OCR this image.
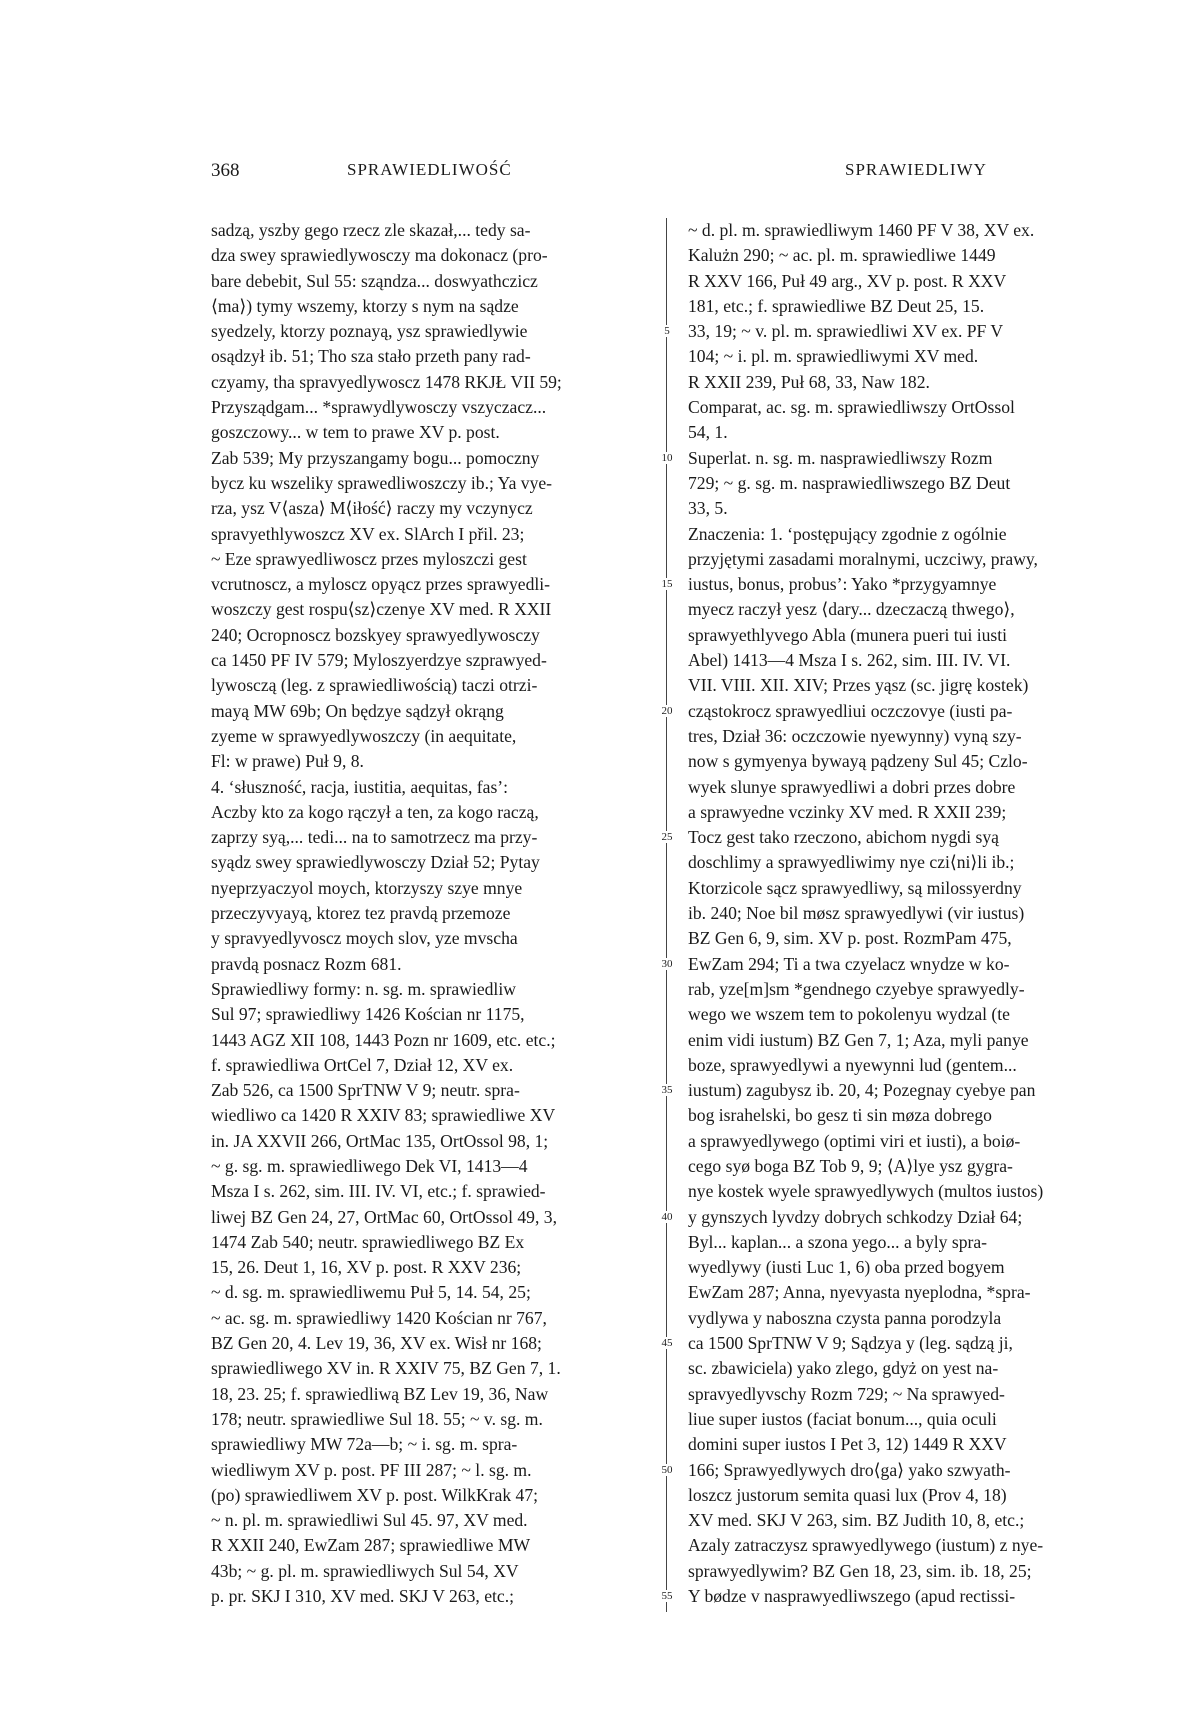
368	SPRAWIEDLIWOŚĆ	SPRAWIEDLIWY
sadzą, yszby gego rzecz zle skazał,... tedy sa-
dza swey sprawiedlywosczy ma dokonacz (pro-
bare debebit, Sul 55: sząndza... doswyathczicz
⟨ma⟩) tymy wszemy, ktorzy s nym na sądze
syedzely, ktorzy poznayą, ysz sprawiedlywie
osądzył ib. 51; Tho sza stało przeth pany rad-
czyamy, tha spravyedlywoscz 1478 RKJŁ VII 59;
Przysządgam... *sprawydlywosczy vszyczacz...
goszczowy... w tem to prawe XV p. post.
Zab 539; My przyszangamy bogu... pomoczny
bycz ku wszeliky sprawedliwoszczy ib.; Ya vye-
rza, ysz V⟨asza⟩ M⟨iłość⟩ raczy my vczynycz
spravyethlywoszcz XV ex. SlArch I přil. 23;
~ Eze sprawyedliwoscz przes myloszczi gest
vcrutnoscz, a myloscz opyącz przes sprawyedli-
woszczy gest rospu⟨sz⟩czenye XV med. R XXII
240; Ocropnoscz bozskyey sprawyedlywosczy
ca 1450 PF IV 579; Myloszyerdzye szprawyed-
lywosczą (leg. z sprawiedliwością) taczi otrzi-
mayą MW 69b; On będzye sądzył okrąng
zyeme w sprawyedlywoszczy (in aequitate,
Fl: w prawe) Puł 9, 8.
4. ‘słuszność, racja, iustitia, aequitas, fas’:
Aczby kto za kogo rączył a ten, za kogo raczą,
zaprzy syą,... tedi... na to samotrzecz ma przy-
syądz swey sprawiedlywosczy Dział 52; Pytay
nyeprzyaczyol moych, ktorzyszy szye mnye
przeczyvyayą, ktorez tez pravdą przemoze
y spravyedlyvoscz moych slov, yze mvscha
pravdą posnacz Rozm 681.
Sprawiedliwy formy: n. sg. m. sprawiedliw
Sul 97; sprawiedliwy 1426 Kościan nr 1175,
1443 AGZ XII 108, 1443 Pozn nr 1609, etc. etc.;
f. sprawiedliwa OrtCel 7, Dział 12, XV ex.
Zab 526, ca 1500 SprTNW V 9; neutr. spra-
wiedliwo ca 1420 R XXIV 83; sprawiedliwe XV
in. JA XXVII 266, OrtMac 135, OrtOssol 98, 1;
~ g. sg. m. sprawiedliwego Dek VI, 1413—4
Msza I s. 262, sim. III. IV. VI, etc.; f. sprawied-
liwej BZ Gen 24, 27, OrtMac 60, OrtOssol 49, 3,
1474 Zab 540; neutr. sprawiedliwego BZ Ex
15, 26. Deut 1, 16, XV p. post. R XXV 236;
~ d. sg. m. sprawiedliwemu Puł 5, 14. 54, 25;
~ ac. sg. m. sprawiedliwy 1420 Kościan nr 767,
BZ Gen 20, 4. Lev 19, 36, XV ex. Wisł nr 168;
sprawiedliwego XV in. R XXIV 75, BZ Gen 7, 1.
18, 23. 25; f. sprawiedliwą BZ Lev 19, 36, Naw
178; neutr. sprawiedliwe Sul 18. 55; ~ v. sg. m.
sprawiedliwy MW 72a—b; ~ i. sg. m. spra-
wiedliwym XV p. post. PF III 287; ~ l. sg. m.
(po) sprawiedliwem XV p. post. WilkKrak 47;
~ n. pl. m. sprawiedliwi Sul 45. 97, XV med.
R XXII 240, EwZam 287; sprawiedliwe MW
43b; ~ g. pl. m. sprawiedliwych Sul 54, XV
p. pr. SKJ I 310, XV med. SKJ V 263, etc.;
5
10
15
20
25
30
35
40
45
50
55
~ d. pl. m. sprawiedliwym 1460 PF V 38, XV ex.
Kalużn 290; ~ ac. pl. m. sprawiedliwe 1449
R XXV 166, Puł 49 arg., XV p. post. R XXV
181, etc.; f. sprawiedliwe BZ Deut 25, 15.
33, 19; ~ v. pl. m. sprawiedliwi XV ex. PF V
104; ~ i. pl. m. sprawiedliwymi XV med.
R XXII 239, Puł 68, 33, Naw 182.
Comparat, ac. sg. m. sprawiedliwszy OrtOssol
54, 1.
Superlat. n. sg. m. nasprawiedliwszy Rozm
729; ~ g. sg. m. nasprawiedliwszego BZ Deut
33, 5.
Znaczenia: 1. ‘postępujący zgodnie z ogólnie
przyjętymi zasadami moralnymi, uczciwy, prawy,
iustus, bonus, probus’: Yako *przygyamnye
myecz raczył yesz ⟨dary... dzeczaczą thwego⟩,
sprawyethlyvego Abla (munera pueri tui iusti
Abel) 1413—4 Msza I s. 262, sim. III. IV. VI.
VII. VIII. XII. XIV; Przes yąsz (sc. jigrę kostek)
cząstokrocz sprawyedliui oczczovye (iusti pa-
tres, Dział 36: oczczowie nyewynny) vyną szy-
now s gymyenya bywayą pądzeny Sul 45; Czlo-
wyek slunye sprawyedliwi a dobri przes dobre
a sprawyedne vczinky XV med. R XXII 239;
Tocz gest tako rzeczono, abichom nygdi syą
doschlimy a sprawyedliwimy nye czi⟨ni⟩li ib.;
Ktorzicole sącz sprawyedliwy, są milossyerdny
ib. 240; Noe bil møsz sprawyedlywi (vir iustus)
BZ Gen 6, 9, sim. XV p. post. RozmPam 475,
EwZam 294; Ti a twa czyelacz wnydze w ko-
rab, yze[m]sm *gendnego czyebye sprawyedly-
wego we wszem tem to pokolenyu wydzal (te
enim vidi iustum) BZ Gen 7, 1; Aza, myli panye
boze, sprawyedlywi a nyewynni lud (gentem...
iustum) zagubysz ib. 20, 4; Pozegnay cyebye pan
bog israhelski, bo gesz ti sin møza dobrego
a sprawyedlywego (optimi viri et iusti), a boiø-
cego syø boga BZ Tob 9, 9; ⟨A⟩lye ysz gygra-
nye kostek wyele sprawyedlywych (multos iustos)
y gynszych lyvdzy dobrych schkodzy Dział 64;
Byl... kaplan... a szona yego... a byly spra-
wyedlywy (iusti Luc 1, 6) oba przed bogyem
EwZam 287; Anna, nyevyasta nyeplodna, *spra-
vydlywa y naboszna czysta panna porodzyla
ca 1500 SprTNW V 9; Sądzya y (leg. sądzą ji,
sc. zbawiciela) yako zlego, gdyż on yest na-
spravyedlyvschy Rozm 729; ~ Na sprawyed-
liue super iustos (faciat bonum..., quia oculi
domini super iustos I Pet 3, 12) 1449 R XXV
166; Sprawyedlywych dro⟨ga⟩ yako szwyath-
loszcz justorum semita quasi lux (Prov 4, 18)
XV med. SKJ V 263, sim. BZ Judith 10, 8, etc.;
Azaly zatraczysz sprawyedlywego (iustum) z nye-
sprawyedlywim? BZ Gen 18, 23, sim. ib. 18, 25;
Y bødze v nasprawyedliwszego (apud rectissi-
